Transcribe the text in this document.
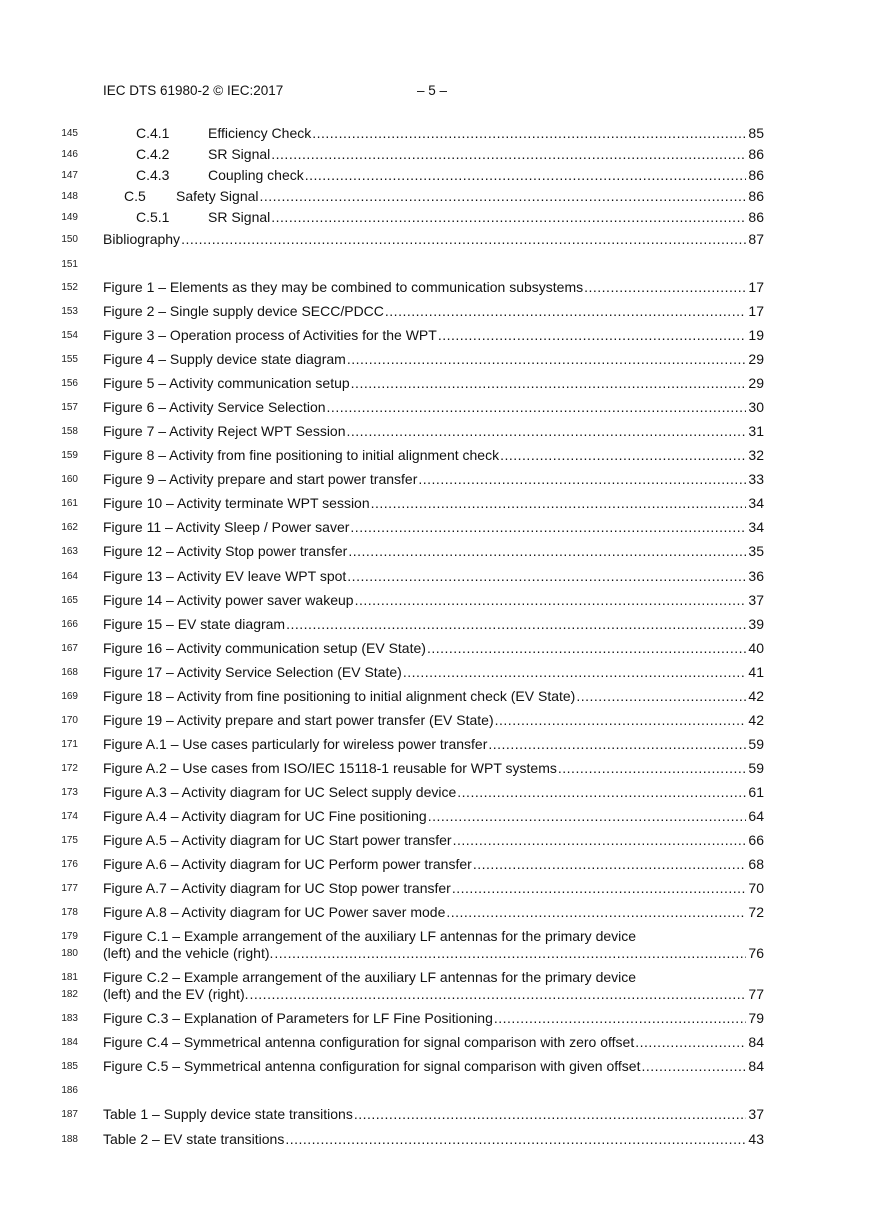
IEC DTS 61980-2 © IEC:2017	– 5 –
145	C.4.1	Efficiency Check .....	85
146	C.4.2	SR Signal .....	86
147	C.4.3	Coupling check .....	86
148	C.5 Safety Signal .....	86
149	C.5.1	SR Signal .....	86
150 Bibliography .....	87
151
152 Figure 1 – Elements as they may be combined to communication subsystems .....	17
153 Figure 2 – Single supply device SECC/PDCC .....	17
154 Figure 3 – Operation process of Activities for the WPT .....	19
155 Figure 4 – Supply device state diagram .....	29
156 Figure 5 – Activity communication setup .....	29
157 Figure 6 – Activity Service Selection .....	30
158 Figure 7 – Activity Reject WPT Session .....	31
159 Figure 8 – Activity from fine positioning to initial alignment check .....	32
160 Figure 9 – Activity prepare and start power transfer .....	33
161 Figure 10 – Activity terminate WPT session .....	34
162 Figure 11 – Activity Sleep / Power saver .....	34
163 Figure 12 – Activity Stop power transfer .....	35
164 Figure 13 – Activity EV leave WPT spot .....	36
165 Figure 14 – Activity power saver wakeup .....	37
166 Figure 15 – EV state diagram .....	39
167 Figure 16 – Activity communication setup (EV State) .....	40
168 Figure 17 – Activity Service Selection (EV State) .....	41
169 Figure 18 – Activity from fine positioning to initial alignment check (EV State) .....	42
170 Figure 19 – Activity prepare and start power transfer (EV State) .....	42
171 Figure A.1 – Use cases particularly for wireless power transfer .....	59
172 Figure A.2 – Use cases from ISO/IEC 15118-1 reusable for WPT systems .....	59
173 Figure A.3 – Activity diagram for UC Select supply device .....	61
174 Figure A.4 – Activity diagram for UC Fine positioning .....	64
175 Figure A.5 – Activity diagram for UC Start power transfer .....	66
176 Figure A.6 – Activity diagram for UC Perform power transfer .....	68
177 Figure A.7 – Activity diagram for UC Stop power transfer .....	70
178 Figure A.8 – Activity diagram for UC Power saver mode .....	72
179 Figure C.1 – Example arrangement of the auxiliary LF antennas for the primary device
180 (left) and the vehicle (right). .....	76
181 Figure C.2 – Example arrangement of the auxiliary LF antennas for the primary device
182 (left) and the EV (right). .....	77
183 Figure C.3 – Explanation of Parameters for LF Fine Positioning .....	79
184 Figure C.4 – Symmetrical antenna configuration for signal comparison with zero offset .....	84
185 Figure C.5 – Symmetrical antenna configuration for signal comparison with given offset .....	84
186
187 Table 1 – Supply device state transitions .....	37
188 Table 2 – EV state transitions .....	43
